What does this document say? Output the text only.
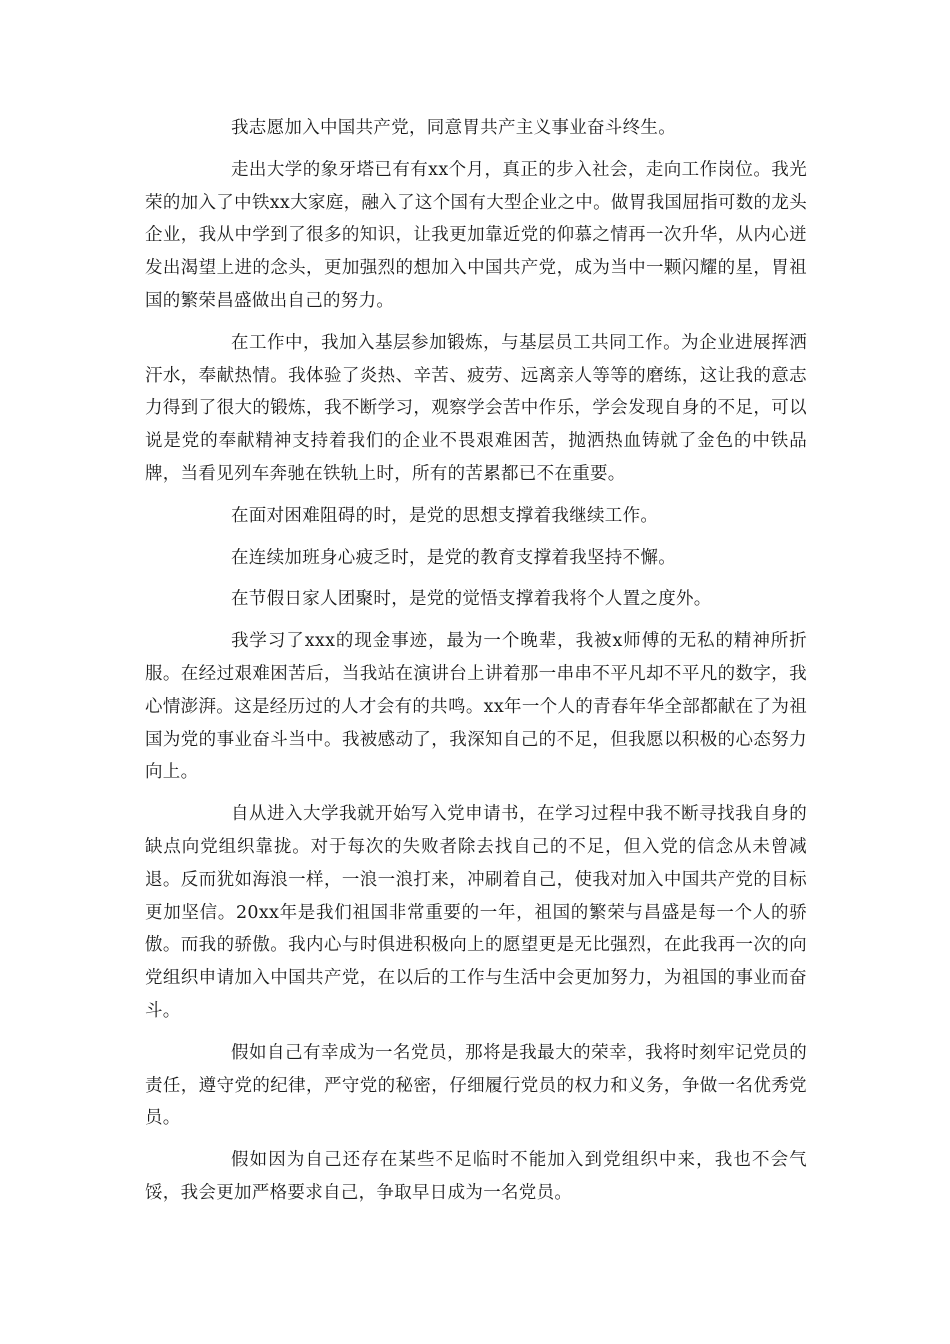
我志愿加入中国共产党，同意胃共产主义事业奋斗终生。

走出大学的象牙塔已有有xx个月，真正的步入社会，走向工作岗位。我光荣的加入了中铁xx大家庭，融入了这个国有大型企业之中。做胃我国屈指可数的龙头企业，我从中学到了很多的知识，让我更加靠近党的仰慕之情再一次升华，从内心迸发出渴望上进的念头，更加强烈的想加入中国共产党，成为当中一颗闪耀的星，胃祖国的繁荣昌盛做出自己的努力。

在工作中，我加入基层参加锻炼，与基层员工共同工作。为企业进展挥洒汗水，奉献热情。我体验了炎热、辛苦、疲劳、远离亲人等等的磨练，这让我的意志力得到了很大的锻炼，我不断学习，观察学会苦中作乐，学会发现自身的不足，可以说是党的奉献精神支持着我们的企业不畏艰难困苦，抛洒热血铸就了金色的中铁品牌，当看见列车奔驰在铁轨上时，所有的苦累都已不在重要。

在面对困难阻碍的时，是党的思想支撑着我继续工作。

在连续加班身心疲乏时，是党的教育支撑着我坚持不懈。

在节假日家人团聚时，是党的觉悟支撑着我将个人置之度外。

我学习了xxx的现金事迹，最为一个晚辈，我被x师傅的无私的精神所折服。在经过艰难困苦后，当我站在演讲台上讲着那一串串不平凡却不平凡的数字，我心情澎湃。这是经历过的人才会有的共鸣。xx年一个人的青春年华全部都献在了为祖国为党的事业奋斗当中。我被感动了，我深知自己的不足，但我愿以积极的心态努力向上。

自从进入大学我就开始写入党申请书，在学习过程中我不断寻找我自身的缺点向党组织靠拢。对于每次的失败者除去找自己的不足，但入党的信念从未曾减退。反而犹如海浪一样，一浪一浪打来，冲刷着自己，使我对加入中国共产党的目标更加坚信。20xx年是我们祖国非常重要的一年，祖国的繁荣与昌盛是每一个人的骄傲。而我的骄傲。我内心与时俱进积极向上的愿望更是无比强烈，在此我再一次的向党组织申请加入中国共产党，在以后的工作与生活中会更加努力，为祖国的事业而奋斗。

假如自己有幸成为一名党员，那将是我最大的荣幸，我将时刻牢记党员的责任，遵守党的纪律，严守党的秘密，仔细履行党员的权力和义务，争做一名优秀党员。

假如因为自己还存在某些不足临时不能加入到党组织中来，我也不会气馁，我会更加严格要求自己，争取早日成为一名党员。
